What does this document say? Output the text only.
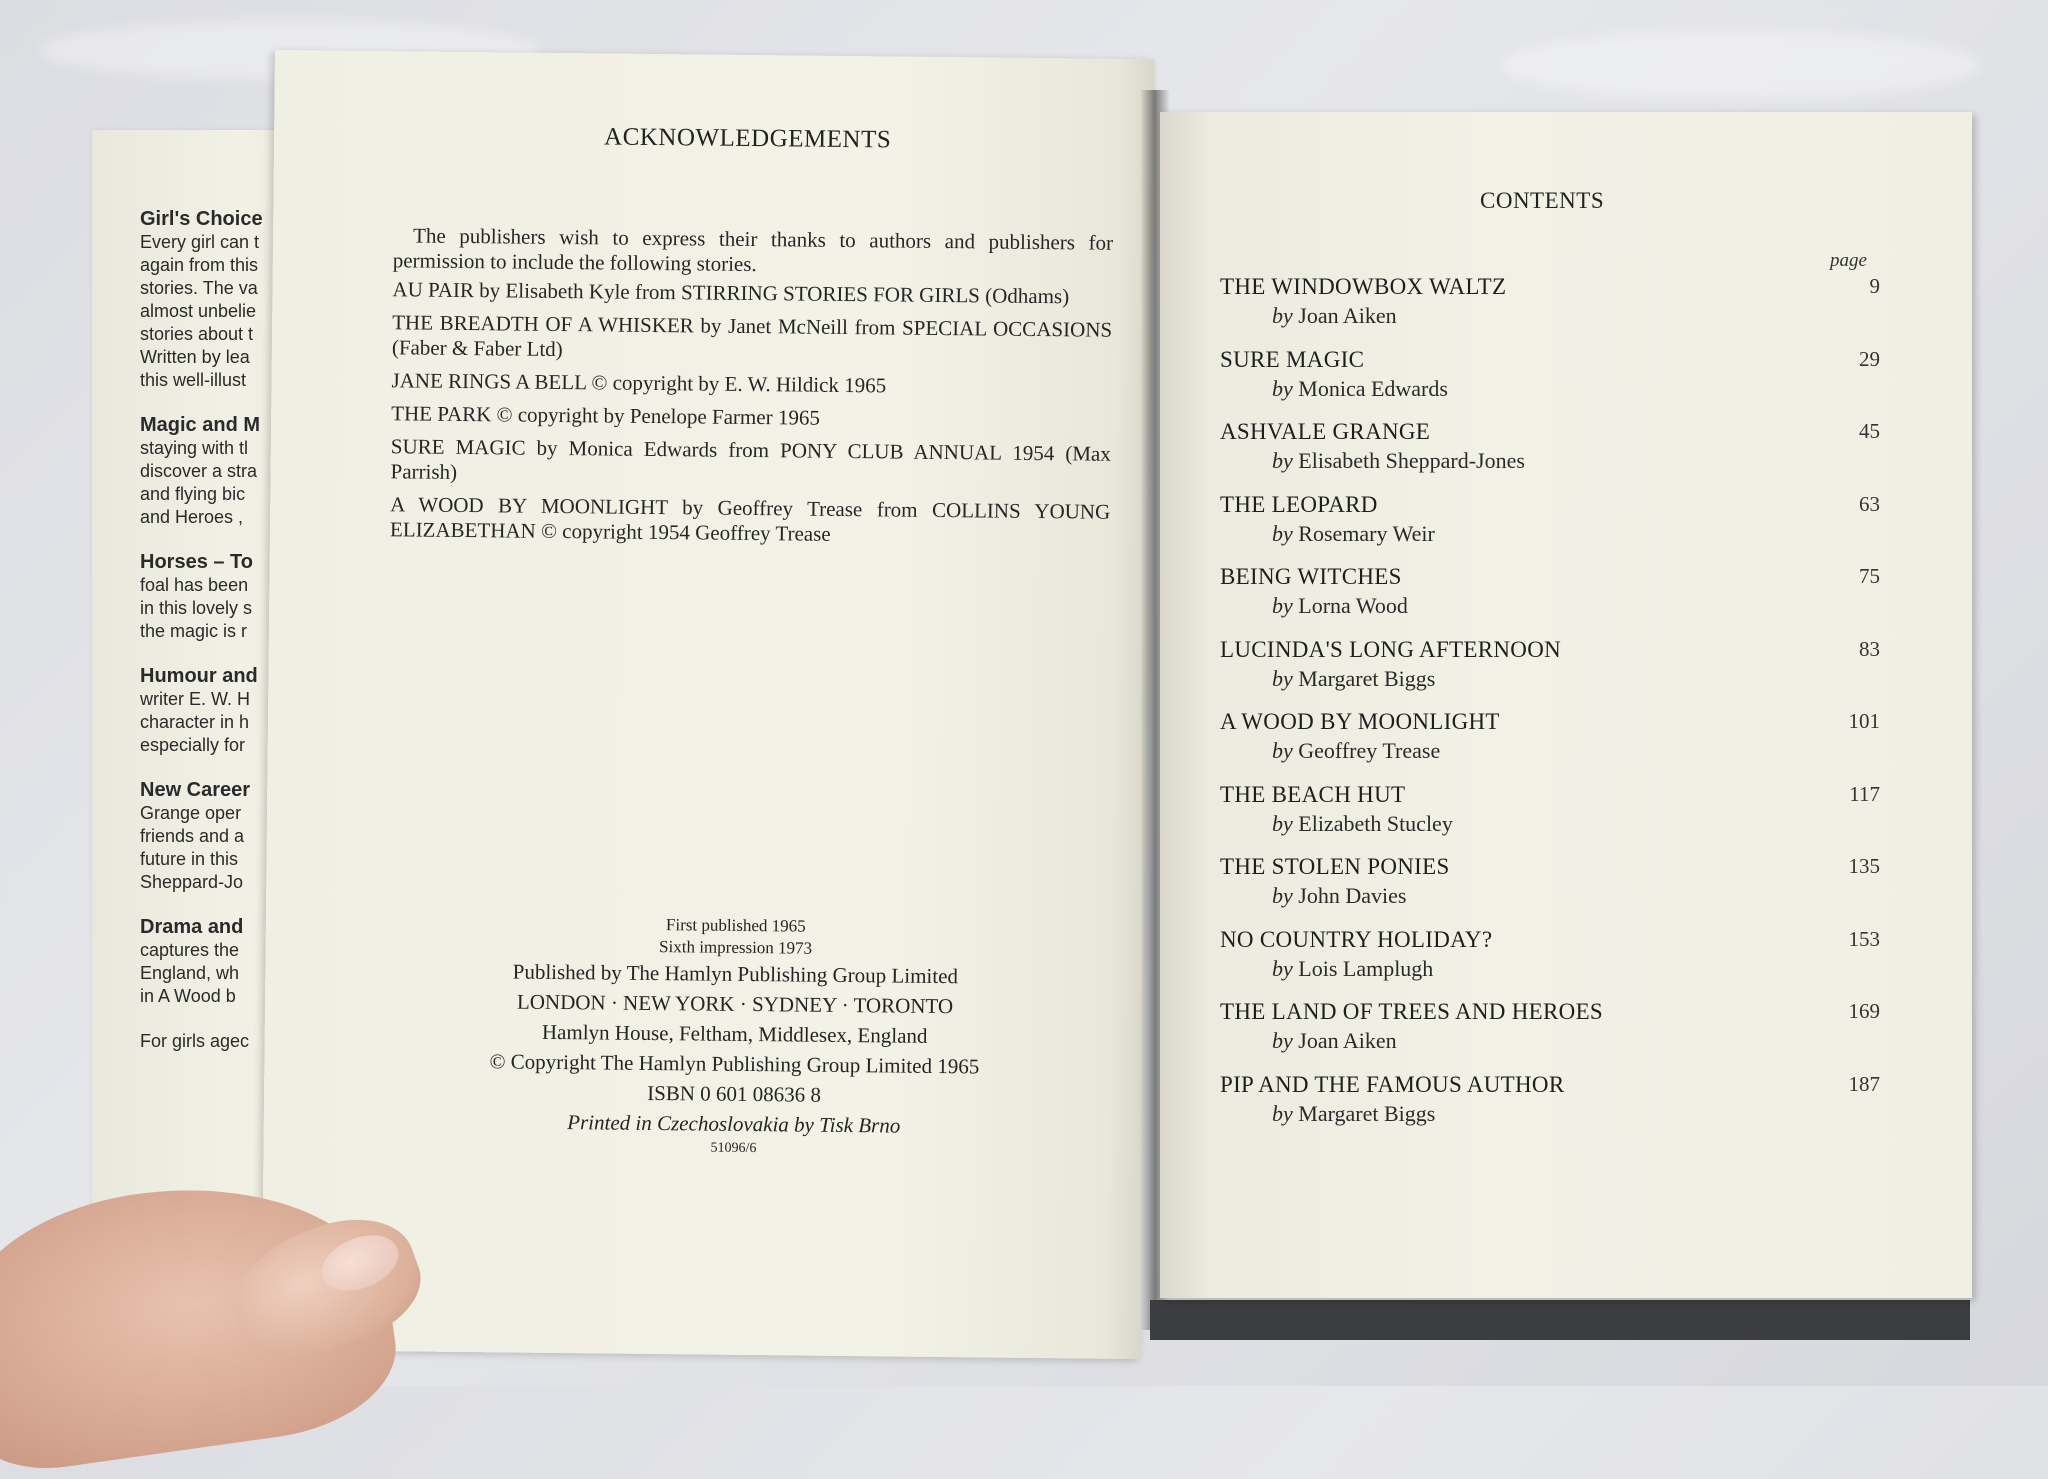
Girl's Choice
Every girl can t
again from this
stories. The va
almost unbelie
stories about t
Written by lea
this well-illust
Magic and M
staying with tl
discover a stra
and flying bic
and Heroes ,
Horses – To
foal has been
in this lovely s
the magic is r
Humour and
writer E. W. H
character in h
especially for
New Career
Grange oper
friends and a
future in this
Sheppard-Jo
Drama and
captures the
England, wh
in A Wood b
For girls agec
ACKNOWLEDGEMENTS

The publishers wish to express their thanks to authors and publishers for permission to include the following stories.

AU PAIR by Elisabeth Kyle from STIRRING STORIES FOR GIRLS (Odhams)

THE BREADTH OF A WHISKER by Janet McNeill from SPECIAL OCCASIONS (Faber & Faber Ltd)

JANE RINGS A BELL © copyright by E. W. Hildick 1965

THE PARK © copyright by Penelope Farmer 1965

SURE MAGIC by Monica Edwards from PONY CLUB ANNUAL 1954 (Max Parrish)

A WOOD BY MOONLIGHT by Geoffrey Trease from COLLINS YOUNG ELIZABETHAN © copyright 1954 Geoffrey Trease

First published 1965
Sixth impression 1973
Published by The Hamlyn Publishing Group Limited
LONDON · NEW YORK · SYDNEY · TORONTO
Hamlyn House, Feltham, Middlesex, England
© Copyright The Hamlyn Publishing Group Limited 1965
ISBN 0 601 08636 8
Printed in Czechoslovakia by Tisk Brno
51096/6
CONTENTS
page
THE WINDOWBOX WALTZ
by Joan Aiken
9
SURE MAGIC
by Monica Edwards
29
ASHVALE GRANGE
by Elisabeth Sheppard-Jones
45
THE LEOPARD
by Rosemary Weir
63
BEING WITCHES
by Lorna Wood
75
LUCINDA'S LONG AFTERNOON
by Margaret Biggs
83
A WOOD BY MOONLIGHT
by Geoffrey Trease
101
THE BEACH HUT
by Elizabeth Stucley
117
THE STOLEN PONIES
by John Davies
135
NO COUNTRY HOLIDAY?
by Lois Lamplugh
153
THE LAND OF TREES AND HEROES
by Joan Aiken
169
PIP AND THE FAMOUS AUTHOR
by Margaret Biggs
187
